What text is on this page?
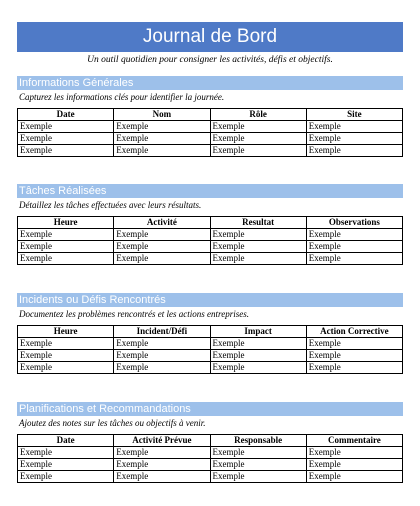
Journal de Bord
Un outil quotidien pour consigner les activités, défis et objectifs.
Informations Générales
Capturez les informations clés pour identifier la journée.
Date	Nom	Rôle	Site
Exemple	Exemple	Exemple	Exemple
Exemple	Exemple	Exemple	Exemple
Exemple	Exemple	Exemple	Exemple
Tâches Réalisées
Détaillez les tâches effectuées avec leurs résultats.
Heure	Activité	Resultat	Observations
Exemple	Exemple	Exemple	Exemple
Exemple	Exemple	Exemple	Exemple
Exemple	Exemple	Exemple	Exemple
Incidents ou Défis Rencontrés
Documentez les problèmes rencontrés et les actions entreprises.
Heure	Incident/Défi	Impact	Action Corrective
Exemple	Exemple	Exemple	Exemple
Exemple	Exemple	Exemple	Exemple
Exemple	Exemple	Exemple	Exemple
Planifications et Recommandations
Ajoutez des notes sur les tâches ou objectifs à venir.
Date	Activité Prévue	Responsable	Commentaire
Exemple	Exemple	Exemple	Exemple
Exemple	Exemple	Exemple	Exemple
Exemple	Exemple	Exemple	Exemple
